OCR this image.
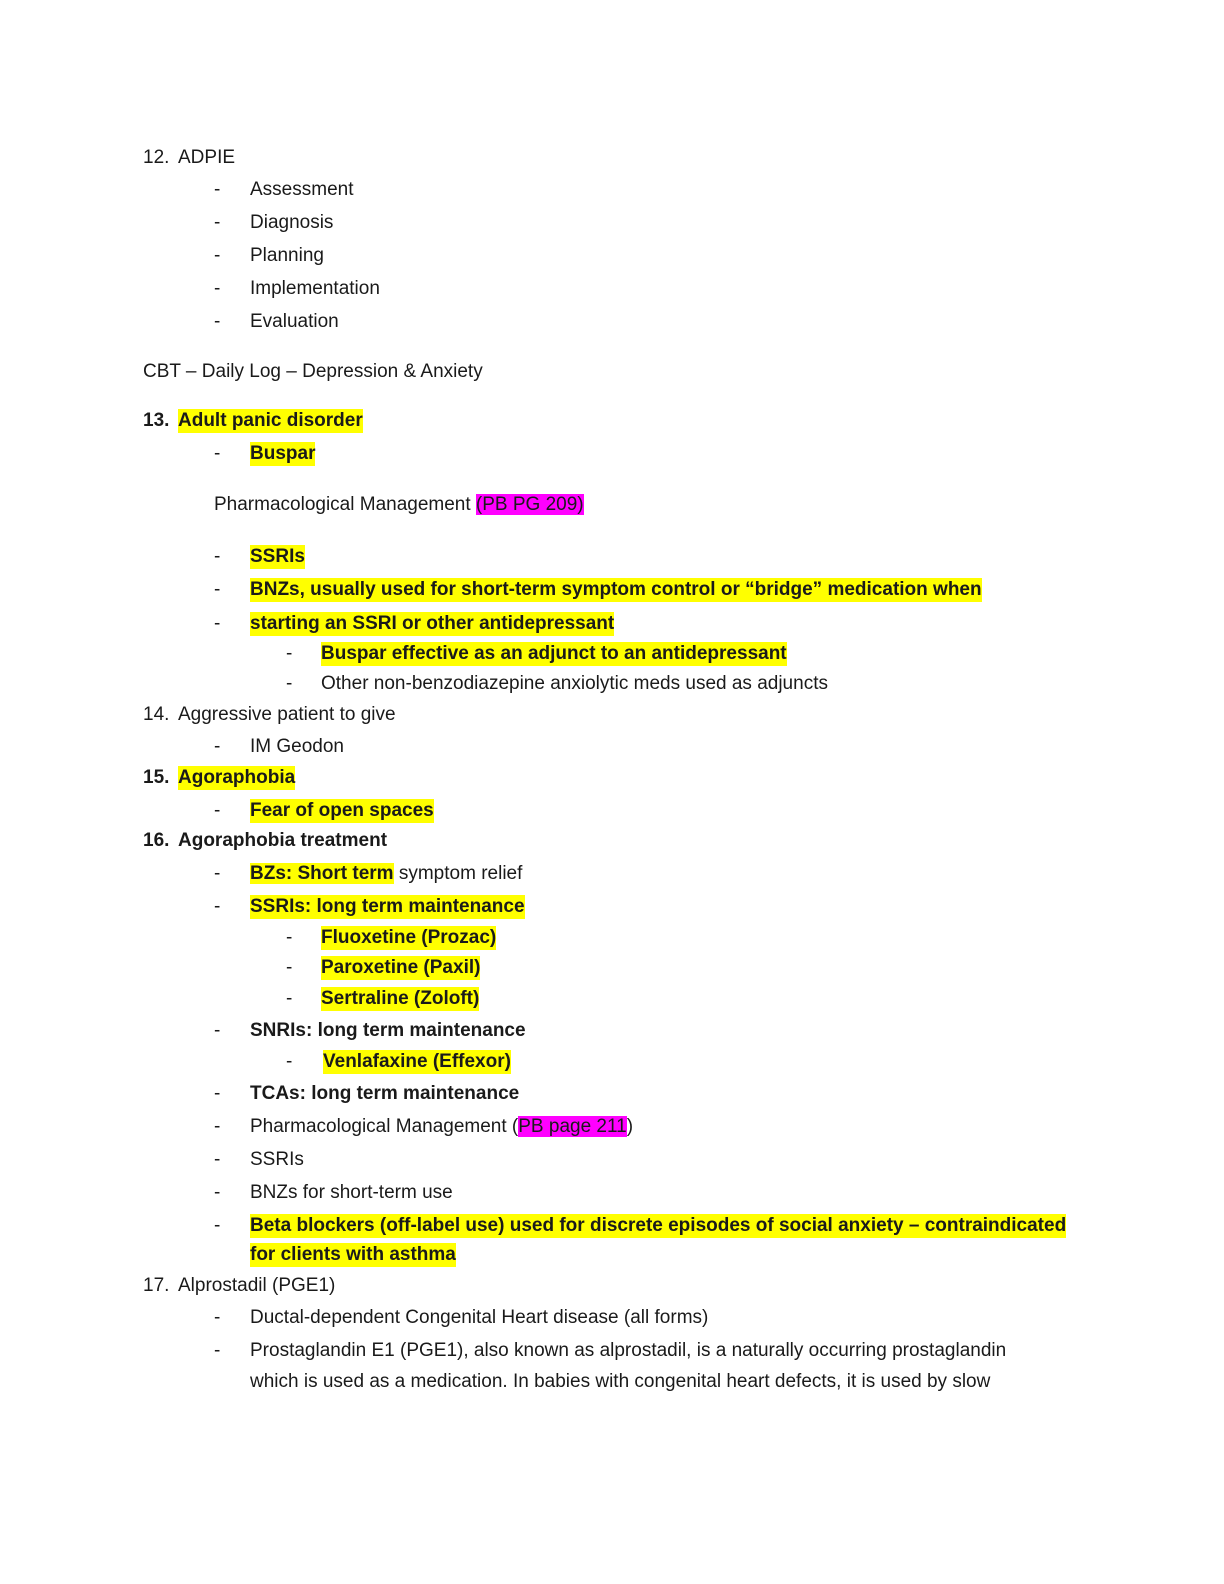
12. ADPIE
- Assessment
- Diagnosis
- Planning
- Implementation
- Evaluation
CBT – Daily Log – Depression & Anxiety
13. Adult panic disorder
- Buspar
Pharmacological Management (PB PG 209)
- SSRIs
- BNZs, usually used for short-term symptom control or “bridge” medication when
- starting an SSRI or other antidepressant
- Buspar effective as an adjunct to an antidepressant
- Other non-benzodiazepine anxiolytic meds used as adjuncts
14. Aggressive patient to give
- IM Geodon
15. Agoraphobia
- Fear of open spaces
16. Agoraphobia treatment
- BZs: Short term symptom relief
- SSRIs: long term maintenance
- Fluoxetine (Prozac)
- Paroxetine (Paxil)
- Sertraline (Zoloft)
- SNRIs: long term maintenance
- Venlafaxine (Effexor)
- TCAs: long term maintenance
- Pharmacological Management (PB page 211)
- SSRIs
- BNZs for short-term use
- Beta blockers (off-label use) used for discrete episodes of social anxiety – contraindicated
for clients with asthma
17. Alprostadil (PGE1)
- Ductal-dependent Congenital Heart disease (all forms)
- Prostaglandin E1 (PGE1), also known as alprostadil, is a naturally occurring prostaglandin
which is used as a medication. In babies with congenital heart defects, it is used by slow
